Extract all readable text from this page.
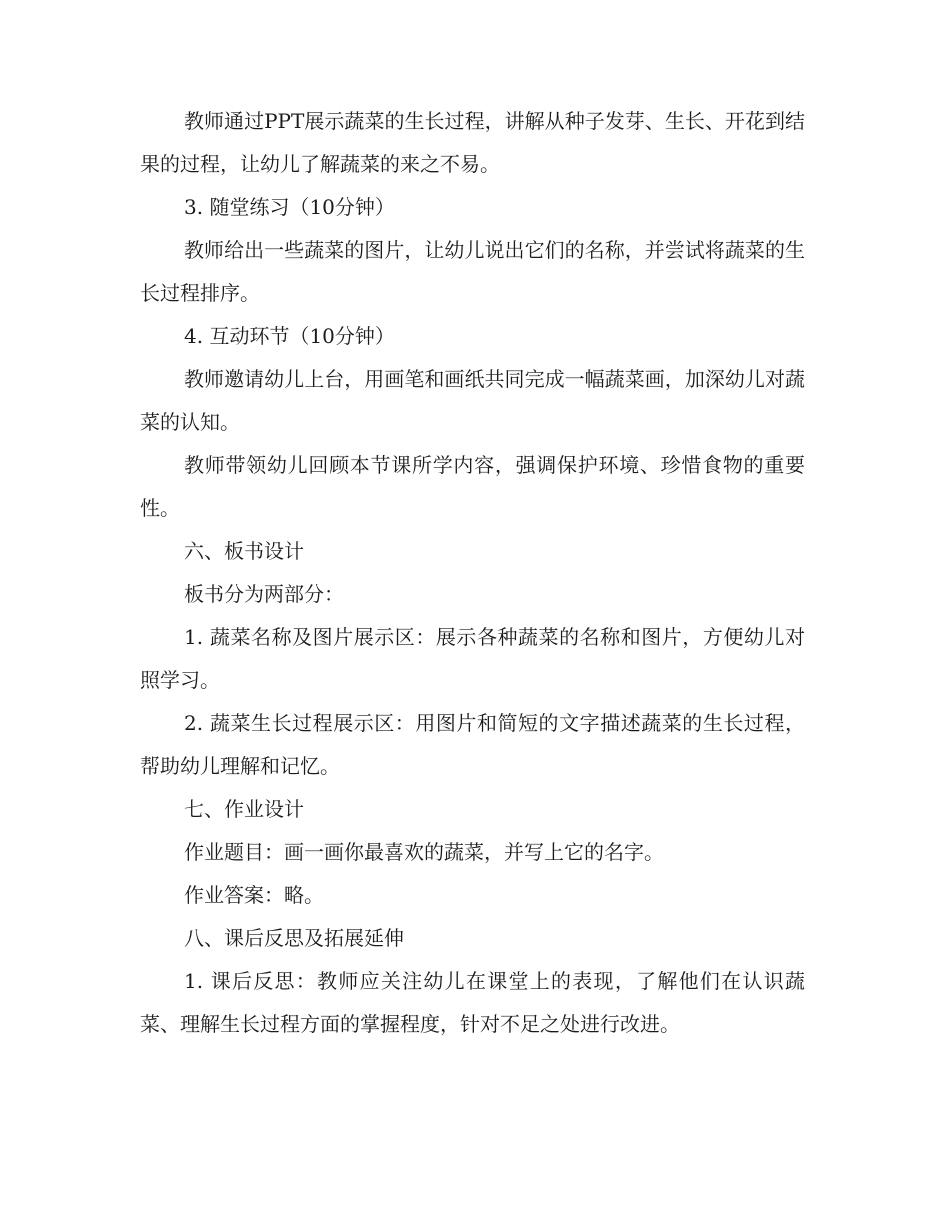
教师通过PPT展示蔬菜的生长过程，讲解从种子发芽、生长、开花到结果的过程，让幼儿了解蔬菜的来之不易。

3. 随堂练习（10分钟）

教师给出一些蔬菜的图片，让幼儿说出它们的名称，并尝试将蔬菜的生长过程排序。

4. 互动环节（10分钟）

教师邀请幼儿上台，用画笔和画纸共同完成一幅蔬菜画，加深幼儿对蔬菜的认知。

教师带领幼儿回顾本节课所学内容，强调保护环境、珍惜食物的重要性。

六、板书设计

板书分为两部分：

1. 蔬菜名称及图片展示区：展示各种蔬菜的名称和图片，方便幼儿对照学习。

2. 蔬菜生长过程展示区：用图片和简短的文字描述蔬菜的生长过程，帮助幼儿理解和记忆。

七、作业设计

作业题目：画一画你最喜欢的蔬菜，并写上它的名字。

作业答案：略。

八、课后反思及拓展延伸

1. 课后反思：教师应关注幼儿在课堂上的表现，了解他们在认识蔬菜、理解生长过程方面的掌握程度，针对不足之处进行改进。
